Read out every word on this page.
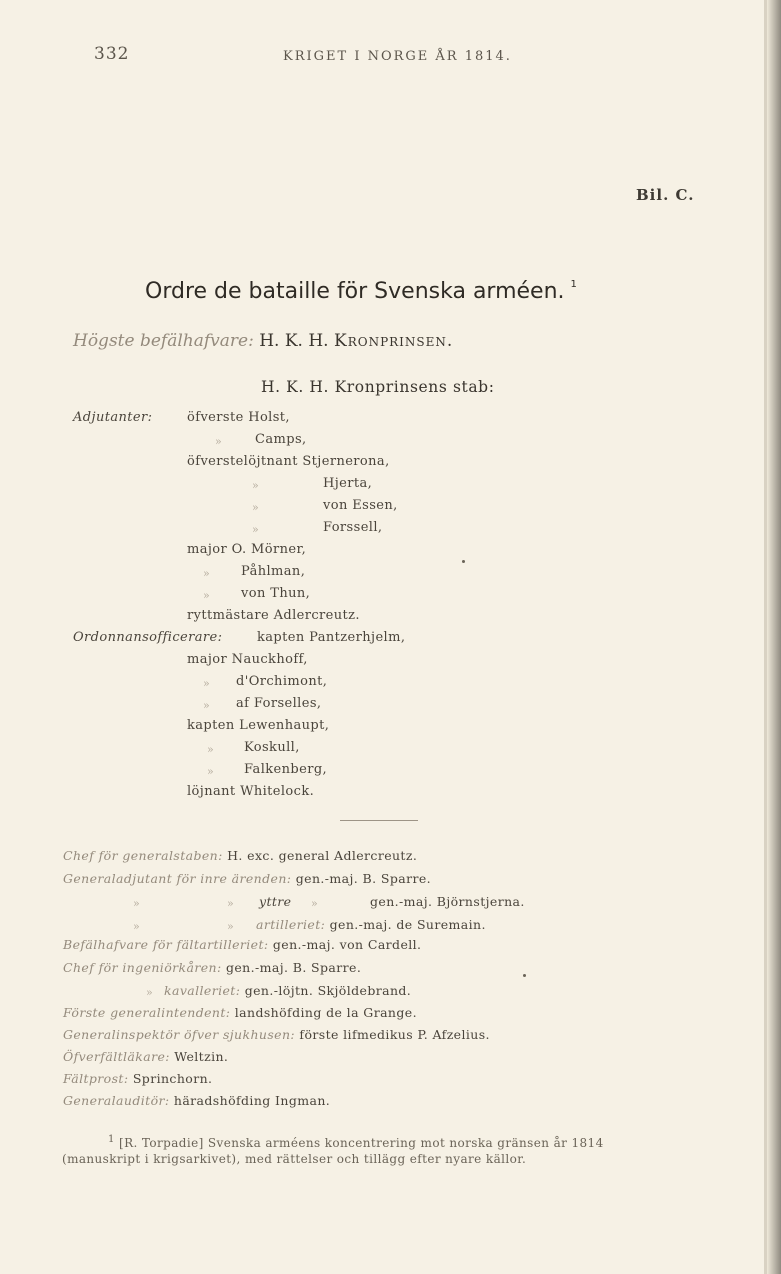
332	KRIGET I NORGE ÅR 1814.
Bil. C.
Ordre de bataille för Svenska arméen. $^1$
Högste befälhafvare: H. K. H. Kronprinsen.
H. K. H. Kronprinsens stab:
Adjutanter:	öfverste Holst,
»	Camps,
öfverstelöjtnant Stjernerona,
»	Hjerta,
»	von Essen,
»	Forssell,
major O. Mörner,
» Påhlman,
» von Thun,
ryttmästare Adlercreutz.
Ordonnansofficerare:	kapten Pantzerhjelm,
major Nauckhoff,
» d'Orchimont,
» af Forselles,
kapten Lewenhaupt,
» Koskull,
» Falkenberg,
löjnant Whitelock.
Chef för generalstaben: H. exc. general Adlercreutz.
Generaladjutant för inre ärenden: gen.-maj. B. Sparre.
»	» yttre »	gen.-maj. Björnstjerna.
»	» artilleriet: gen.-maj. de Suremain.
Befälhafvare för fältartilleriet: gen.-maj. von Cardell.
Chef för ingeniörkåren: gen.-maj. B. Sparre.
» kavalleriet: gen.-löjtn. Skjöldebrand.
Förste generalintendent: landshöfding de la Grange.
Generalinspektör öfver sjukhusen: förste lifmedikus P. Afzelius.
Öfverfältläkare: Weltzin.
Fältprost: Sprinchorn.
Generalauditör: häradshöfding Ingman.
$^1$ [R. Torpadie] Svenska arméens koncentrering mot norska gränsen år 1814
(manuskript i krigsarkivet), med rättelser och tillägg efter nyare källor.
